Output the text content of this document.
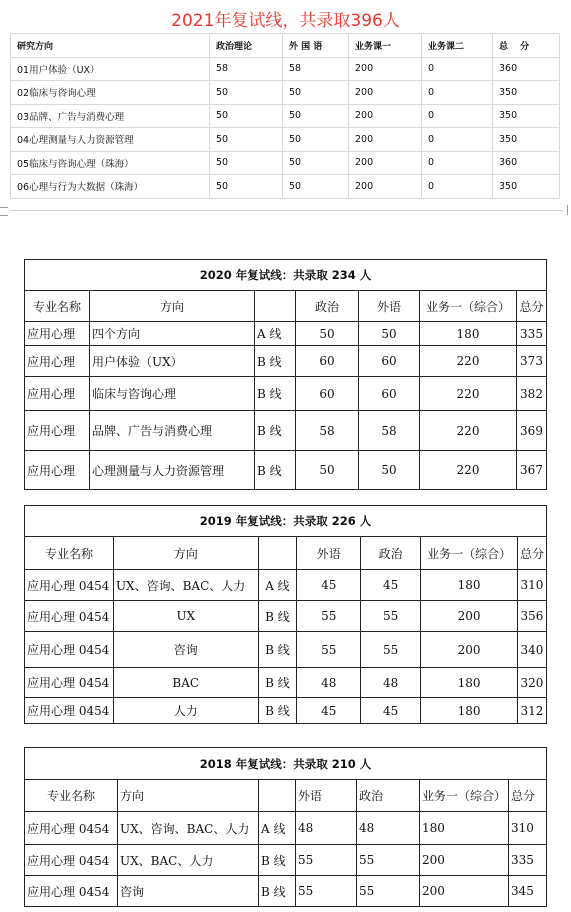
2021年复试线，共录取396人
研究方向	政治理论	外 国 语	业务课一	业务课二	总　 分
01用户体验（UX）	58	58	200	0	360
02临床与咨询心理	50	50	200	0	350
03品牌、广告与消费心理	50	50	200	0	350
04心理测量与人力资源管理	50	50	200	0	350
05临床与咨询心理（珠海）	50	50	200	0	360
06心理与行为大数据（珠海）	50	50	200	0	350
2020 年复试线：共录取 234 人						
专业名称	方向		政治	外语	业务一（综合）	总分
应用心理	四个方向	A 线	50	50	180	335
应用心理	用户体验（UX）	B 线	60	60	220	373
应用心理	临床与咨询心理	B 线	60	60	220	382
应用心理	品牌、广告与消费心理	B 线	58	58	220	369
应用心理	心理测量与人力资源管理	B 线	50	50	220	367
2019 年复试线：共录取 226 人						
专业名称	方向		外语	政治	业务一（综合）	总分
应用心理 0454	UX、咨询、BAC、人力	A 线	45	45	180	310
应用心理 0454	UX	B 线	55	55	200	356
应用心理 0454	咨询	B 线	55	55	200	340
应用心理 0454	BAC	B 线	48	48	180	320
应用心理 0454	人力	B 线	45	45	180	312
2018 年复试线：共录取 210 人						
专业名称	方向		外语	政治	业务一（综合）	总分
应用心理 0454	UX、咨询、BAC、人力	A 线	48	48	180	310
应用心理 0454	UX、BAC、人力	B 线	55	55	200	335
应用心理 0454	咨询	B 线	55	55	200	345
